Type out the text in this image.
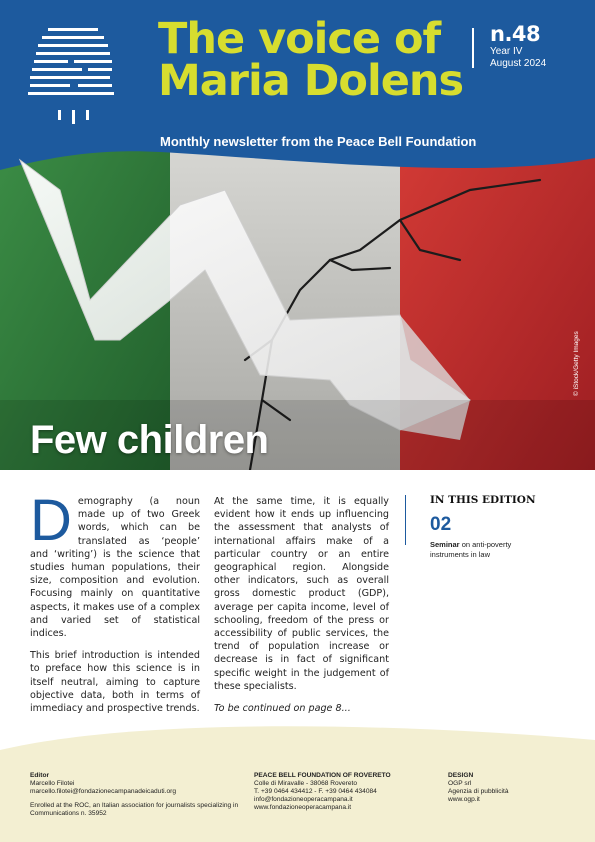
The voice of
Maria Dolens
n.48
Year IV
August 2024
Few children
© iStock/Getty Images
Monthly newsletter from the Peace Bell Foundation

Demography (a noun made up of two Greek words, which can be translated as ‘people’ and ‘writing’) is the science that studies human populations, their size, composition and evolution. Focusing mainly on quantitative aspects, it makes use of a complex and varied set of statistical indices.

This brief introduction is intended to preface how this science is in itself neutral, aiming to capture objective data, both in terms of immediacy and prospective trends.

At the same time, it is equally evident how it ends up influencing the assessment that analysts of international affairs make of a particular country or an entire geographical region. Alongside other indicators, such as overall gross domestic product (GDP), average per capita income, level of schooling, freedom of the press or accessibility of public services, the trend of population increase or decrease is in fact of significant specific weight in the judgement of these specialists.

To be continued on page 8...

IN THIS EDITION
02
Seminar on anti-poverty instruments in law
Editor
Marcello Filotei
marcello.filotei@fondazionecampanadeicaduti.org
Enrolled at the ROC, an Italian association for journalists specializing in Communications n. 35952
PEACE BELL FOUNDATION OF ROVERETO
Colle di Miravalle - 38068 Rovereto
T. +39 0464 434412 - F. +39 0464 434084
info@fondazioneoperacampana.it
www.fondazioneoperacampana.it
DESIGN
OGP srl
Agenzia di pubblicità
www.ogp.it
